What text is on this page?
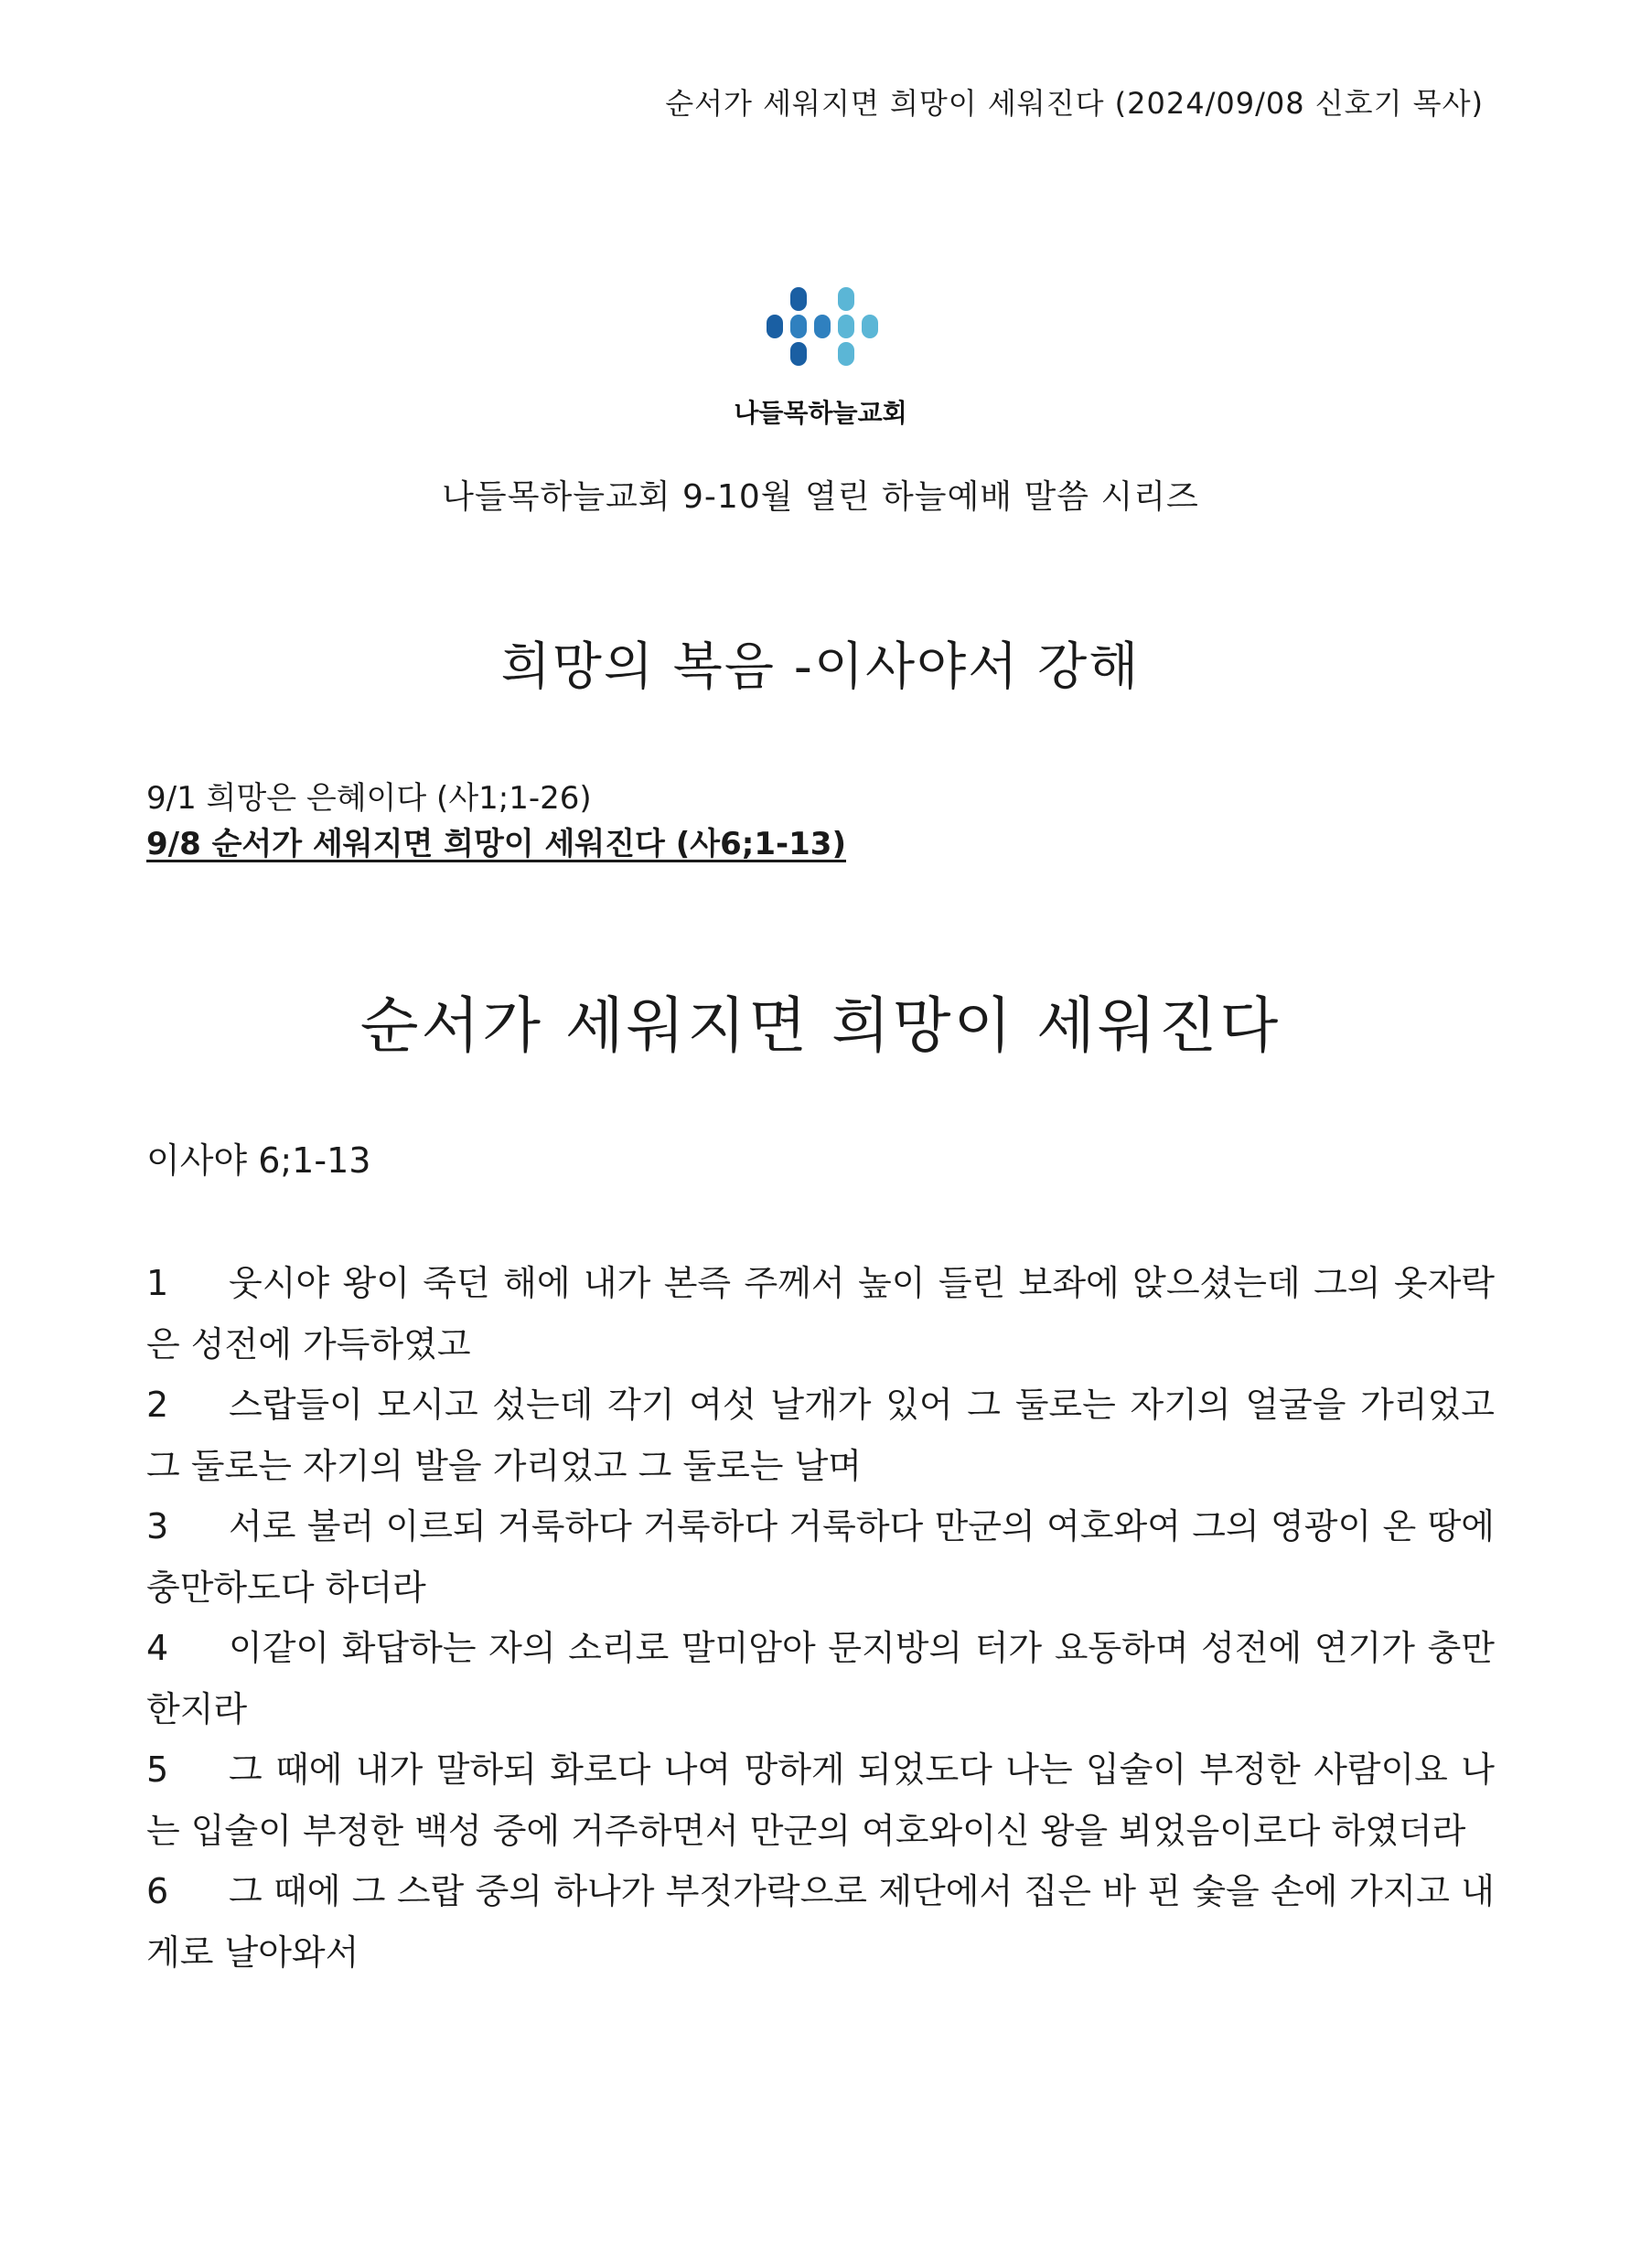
순서가 세워지면 희망이 세워진다 (2024/09/08 신호기 목사)
나들목하늘교회
나들목하늘교회 9-10월 열린 하늘예배 말씀 시리즈
희망의 복음 -이사야서 강해
9/1 희망은 은혜이다 (사1;1-26)
9/8 순서가 세워지면 희망이 세워진다 (사6;1-13)
순서가 세워지면 희망이 세워진다
이사야 6;1-13

1 웃시야 왕이 죽던 해에 내가 본즉 주께서 높이 들린 보좌에 앉으셨는데 그의 옷자락은 성전에 가득하였고

2 스랍들이 모시고 섰는데 각기 여섯 날개가 있어 그 둘로는 자기의 얼굴을 가리었고 그 둘로는 자기의 발을 가리었고 그 둘로는 날며

3 서로 불러 이르되 거룩하다 거룩하다 거룩하다 만군의 여호와여 그의 영광이 온 땅에 충만하도다 하더라

4 이같이 화답하는 자의 소리로 말미암아 문지방의 터가 요동하며 성전에 연기가 충만한지라

5 그 때에 내가 말하되 화로다 나여 망하게 되었도다 나는 입술이 부정한 사람이요 나는 입술이 부정한 백성 중에 거주하면서 만군의 여호와이신 왕을 뵈었음이로다 하였더라

6 그 때에 그 스랍 중의 하나가 부젓가락으로 제단에서 집은 바 핀 숯을 손에 가지고 내게로 날아와서
